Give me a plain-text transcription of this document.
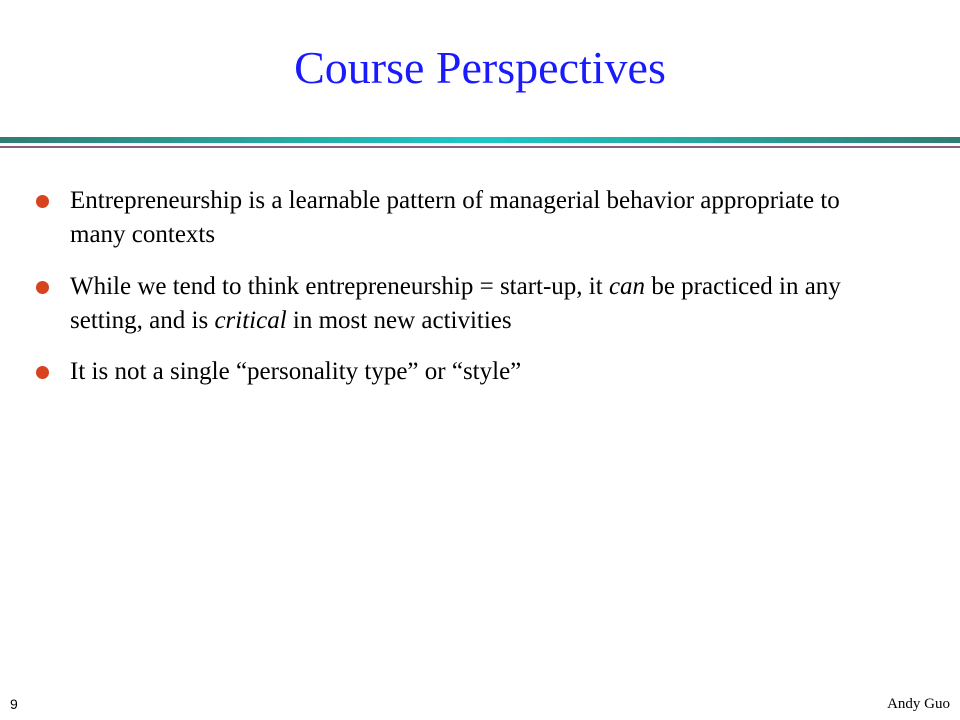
Course Perspectives
Entrepreneurship is a learnable pattern of managerial behavior appropriate to many contexts
While we tend to think entrepreneurship = start-up, it can be practiced in any setting, and is critical in most new activities
It is not a single “personality type” or “style”
9	Andy Guo
